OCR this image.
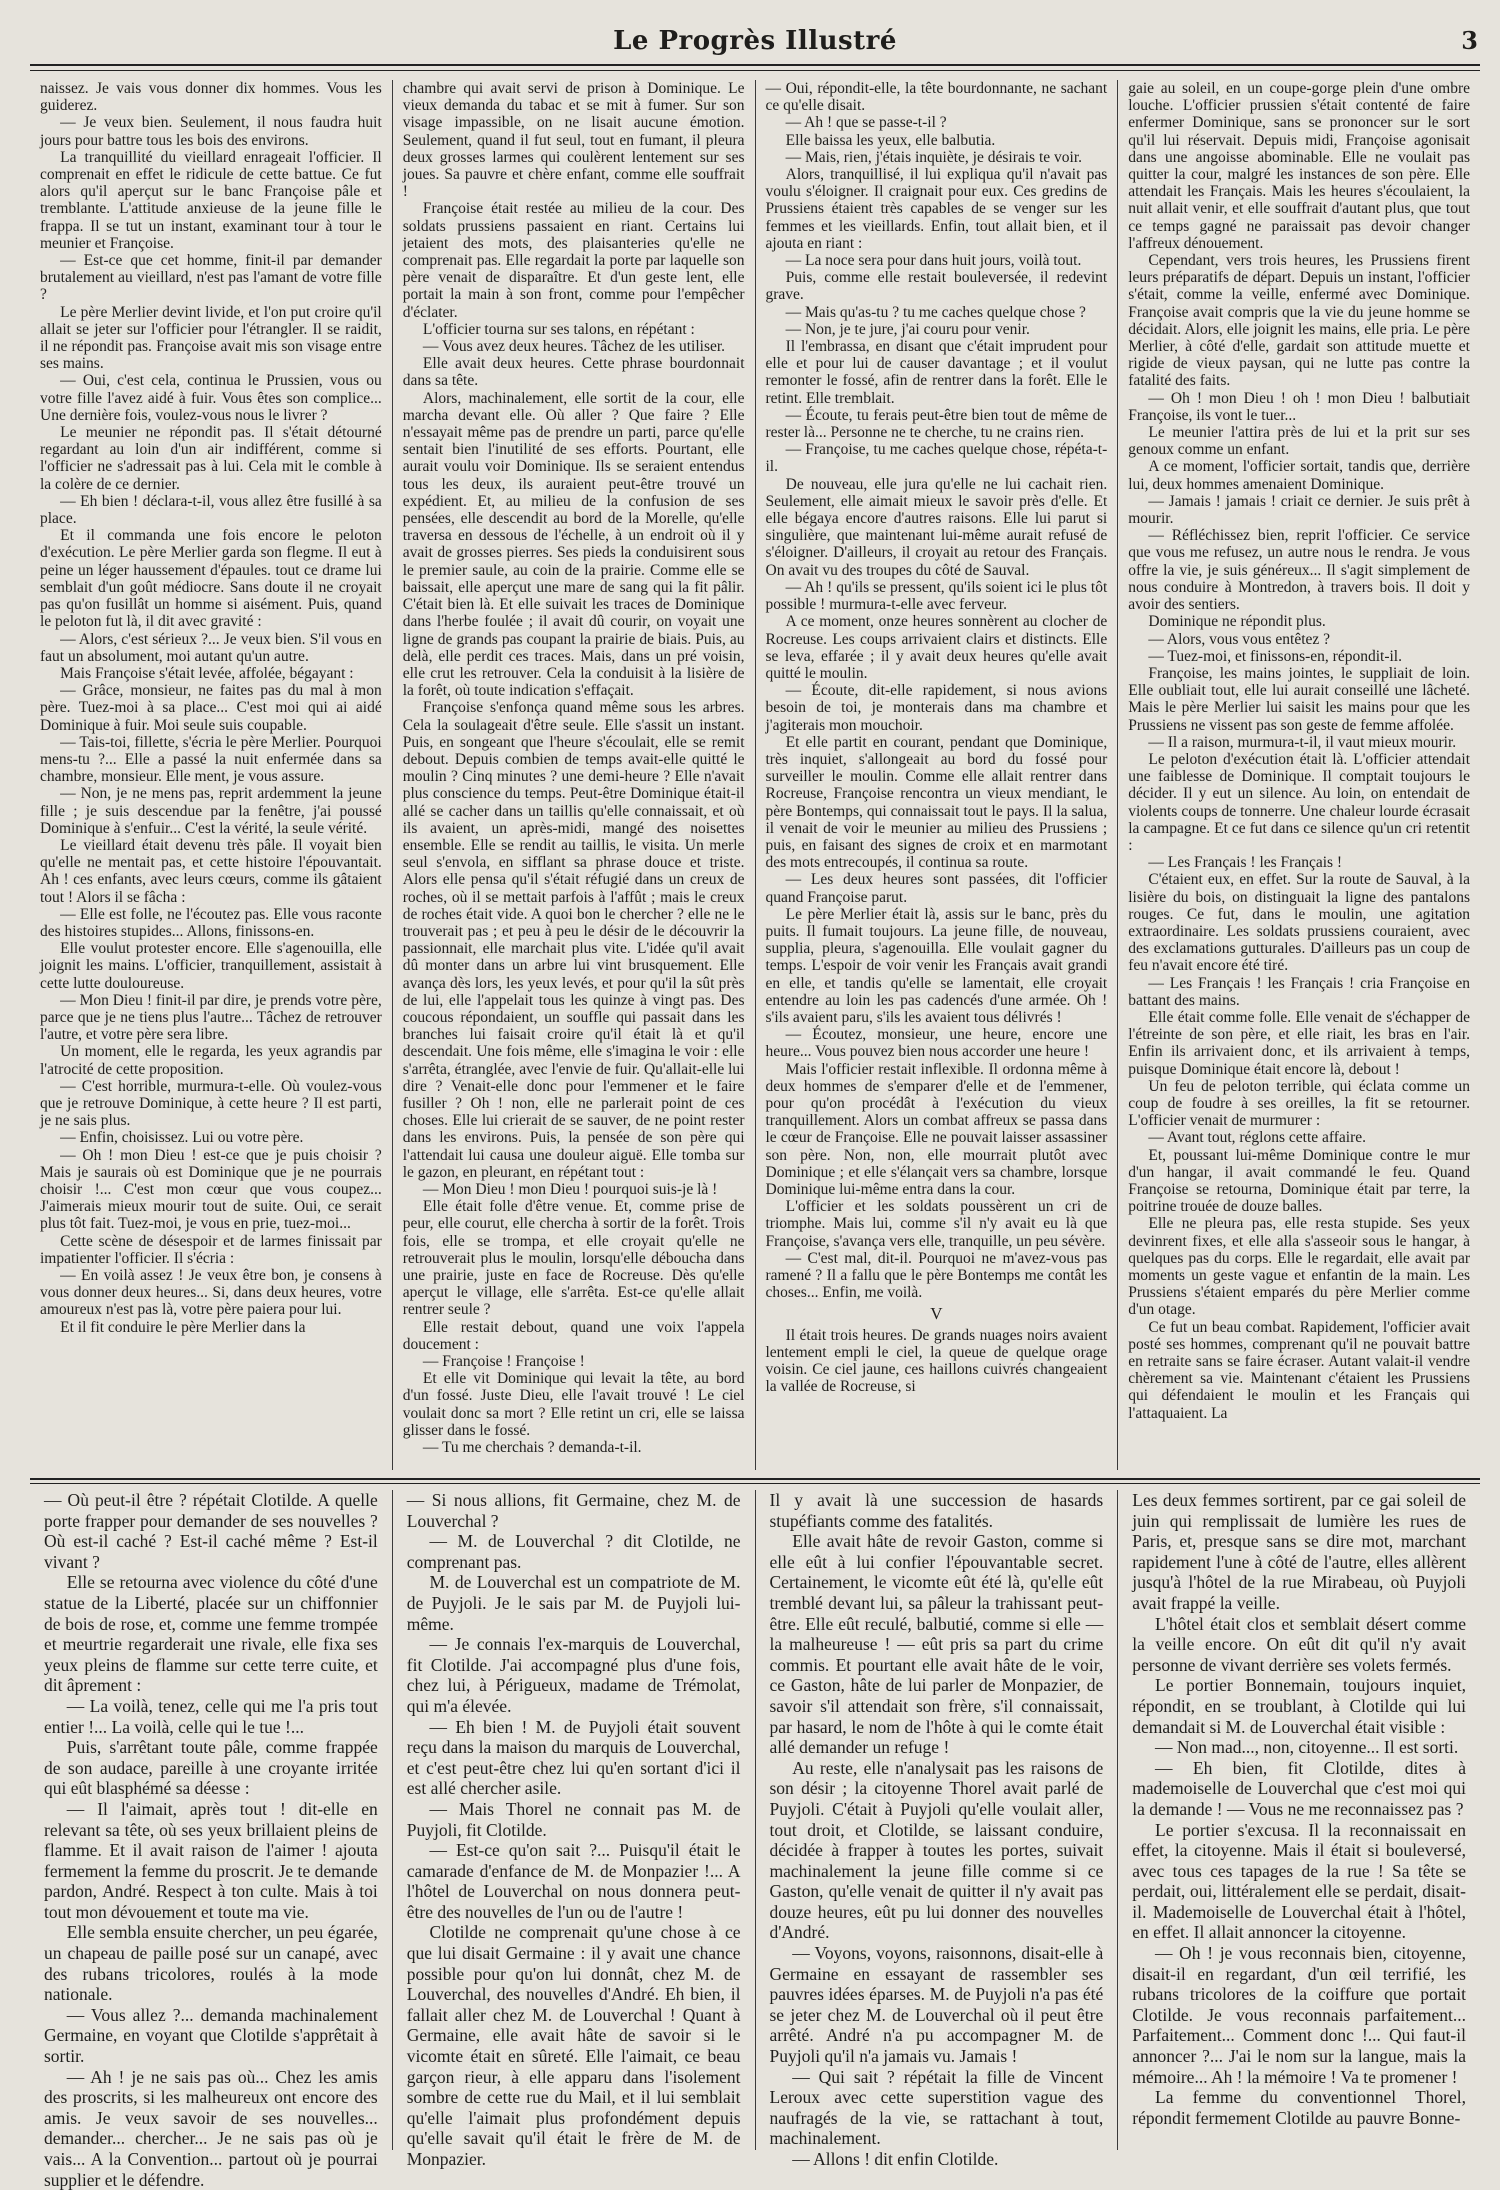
Le Progrès Illustré	3

naissez. Je vais vous donner dix hommes. Vous les guiderez.

— Je veux bien. Seulement, il nous faudra huit jours pour battre tous les bois des environs.

La tranquillité du vieillard enrageait l'officier. Il comprenait en effet le ridicule de cette battue. Ce fut alors qu'il aperçut sur le banc Françoise pâle et tremblante. L'attitude anxieuse de la jeune fille le frappa. Il se tut un instant, examinant tour à tour le meunier et Françoise.

— Est-ce que cet homme, finit-il par demander brutalement au vieillard, n'est pas l'amant de votre fille ?

Le père Merlier devint livide, et l'on put croire qu'il allait se jeter sur l'officier pour l'étrangler. Il se raidit, il ne répondit pas. Françoise avait mis son visage entre ses mains.

— Oui, c'est cela, continua le Prussien, vous ou votre fille l'avez aidé à fuir. Vous êtes son complice... Une dernière fois, voulez-vous nous le livrer ?

Le meunier ne répondit pas. Il s'était détourné regardant au loin d'un air indifférent, comme si l'officier ne s'adressait pas à lui. Cela mit le comble à la colère de ce dernier.

— Eh bien ! déclara-t-il, vous allez être fusillé à sa place.

Et il commanda une fois encore le peloton d'exécution. Le père Merlier garda son flegme. Il eut à peine un léger haussement d'épaules. tout ce drame lui semblait d'un goût médiocre. Sans doute il ne croyait pas qu'on fusillât un homme si aisément. Puis, quand le peloton fut là, il dit avec gravité :

— Alors, c'est sérieux ?... Je veux bien. S'il vous en faut un absolument, moi autant qu'un autre.

Mais Françoise s'était levée, affolée, bégayant :

— Grâce, monsieur, ne faites pas du mal à mon père. Tuez-moi à sa place... C'est moi qui ai aidé Dominique à fuir. Moi seule suis coupable.

— Tais-toi, fillette, s'écria le père Merlier. Pourquoi mens-tu ?... Elle a passé la nuit enfermée dans sa chambre, monsieur. Elle ment, je vous assure.

— Non, je ne mens pas, reprit ardemment la jeune fille ; je suis descendue par la fenêtre, j'ai poussé Dominique à s'enfuir... C'est la vérité, la seule vérité.

Le vieillard était devenu très pâle. Il voyait bien qu'elle ne mentait pas, et cette histoire l'épouvantait. Ah ! ces enfants, avec leurs cœurs, comme ils gâtaient tout ! Alors il se fâcha :

— Elle est folle, ne l'écoutez pas. Elle vous raconte des histoires stupides... Allons, finissons-en.

Elle voulut protester encore. Elle s'agenouilla, elle joignit les mains. L'officier, tranquillement, assistait à cette lutte douloureuse.

— Mon Dieu ! finit-il par dire, je prends votre père, parce que je ne tiens plus l'autre... Tâchez de retrouver l'autre, et votre père sera libre.

Un moment, elle le regarda, les yeux agrandis par l'atrocité de cette proposition.

— C'est horrible, murmura-t-elle. Où voulez-vous que je retrouve Dominique, à cette heure ? Il est parti, je ne sais plus.

— Enfin, choisissez. Lui ou votre père.

— Oh ! mon Dieu ! est-ce que je puis choisir ? Mais je saurais où est Dominique que je ne pourrais choisir !... C'est mon cœur que vous coupez... J'aimerais mieux mourir tout de suite. Oui, ce serait plus tôt fait. Tuez-moi, je vous en prie, tuez-moi...

Cette scène de désespoir et de larmes finissait par impatienter l'officier. Il s'écria :

— En voilà assez ! Je veux être bon, je consens à vous donner deux heures... Si, dans deux heures, votre amoureux n'est pas là, votre père paiera pour lui.

Et il fit conduire le père Merlier dans la

chambre qui avait servi de prison à Dominique. Le vieux demanda du tabac et se mit à fumer. Sur son visage impassible, on ne lisait aucune émotion. Seulement, quand il fut seul, tout en fumant, il pleura deux grosses larmes qui coulèrent lentement sur ses joues. Sa pauvre et chère enfant, comme elle souffrait !

Françoise était restée au milieu de la cour. Des soldats prussiens passaient en riant. Certains lui jetaient des mots, des plaisanteries qu'elle ne comprenait pas. Elle regardait la porte par laquelle son père venait de disparaître. Et d'un geste lent, elle portait la main à son front, comme pour l'empêcher d'éclater.

L'officier tourna sur ses talons, en répétant :

— Vous avez deux heures. Tâchez de les utiliser.

Elle avait deux heures. Cette phrase bourdonnait dans sa tête.

Alors, machinalement, elle sortit de la cour, elle marcha devant elle. Où aller ? Que faire ? Elle n'essayait même pas de prendre un parti, parce qu'elle sentait bien l'inutilité de ses efforts. Pourtant, elle aurait voulu voir Dominique. Ils se seraient entendus tous les deux, ils auraient peut-être trouvé un expédient. Et, au milieu de la confusion de ses pensées, elle descendit au bord de la Morelle, qu'elle traversa en dessous de l'échelle, à un endroit où il y avait de grosses pierres. Ses pieds la conduisirent sous le premier saule, au coin de la prairie. Comme elle se baissait, elle aperçut une mare de sang qui la fit pâlir. C'était bien là. Et elle suivait les traces de Dominique dans l'herbe foulée ; il avait dû courir, on voyait une ligne de grands pas coupant la prairie de biais. Puis, au delà, elle perdit ces traces. Mais, dans un pré voisin, elle crut les retrouver. Cela la conduisit à la lisière de la forêt, où toute indication s'effaçait.

Françoise s'enfonça quand même sous les arbres. Cela la soulageait d'être seule. Elle s'assit un instant. Puis, en songeant que l'heure s'écoulait, elle se remit debout. Depuis combien de temps avait-elle quitté le moulin ? Cinq minutes ? une demi-heure ? Elle n'avait plus conscience du temps. Peut-être Dominique était-il allé se cacher dans un taillis qu'elle connaissait, et où ils avaient, un après-midi, mangé des noisettes ensemble. Elle se rendit au taillis, le visita. Un merle seul s'envola, en sifflant sa phrase douce et triste. Alors elle pensa qu'il s'était réfugié dans un creux de roches, où il se mettait parfois à l'affût ; mais le creux de roches était vide. A quoi bon le chercher ? elle ne le trouverait pas ; et peu à peu le désir de le découvrir la passionnait, elle marchait plus vite. L'idée qu'il avait dû monter dans un arbre lui vint brusquement. Elle avança dès lors, les yeux levés, et pour qu'il la sût près de lui, elle l'appelait tous les quinze à vingt pas. Des coucous répondaient, un souffle qui passait dans les branches lui faisait croire qu'il était là et qu'il descendait. Une fois même, elle s'imagina le voir : elle s'arrêta, étranglée, avec l'envie de fuir. Qu'allait-elle lui dire ? Venait-elle donc pour l'emmener et le faire fusiller ? Oh ! non, elle ne parlerait point de ces choses. Elle lui crierait de se sauver, de ne point rester dans les environs. Puis, la pensée de son père qui l'attendait lui causa une douleur aiguë. Elle tomba sur le gazon, en pleurant, en répétant tout :

— Mon Dieu ! mon Dieu ! pourquoi suis-je là !

Elle était folle d'être venue. Et, comme prise de peur, elle courut, elle chercha à sortir de la forêt. Trois fois, elle se trompa, et elle croyait qu'elle ne retrouverait plus le moulin, lorsqu'elle déboucha dans une prairie, juste en face de Rocreuse. Dès qu'elle aperçut le village, elle s'arrêta. Est-ce qu'elle allait rentrer seule ?

Elle restait debout, quand une voix l'appela doucement :

— Françoise ! Françoise !

Et elle vit Dominique qui levait la tête, au bord d'un fossé. Juste Dieu, elle l'avait trouvé ! Le ciel voulait donc sa mort ? Elle retint un cri, elle se laissa glisser dans le fossé.

— Tu me cherchais ? demanda-t-il.

— Oui, répondit-elle, la tête bourdonnante, ne sachant ce qu'elle disait.

— Ah ! que se passe-t-il ?

Elle baissa les yeux, elle balbutia.

— Mais, rien, j'étais inquiète, je désirais te voir.

Alors, tranquillisé, il lui expliqua qu'il n'avait pas voulu s'éloigner. Il craignait pour eux. Ces gredins de Prussiens étaient très capables de se venger sur les femmes et les vieillards. Enfin, tout allait bien, et il ajouta en riant :

— La noce sera pour dans huit jours, voilà tout.

Puis, comme elle restait bouleversée, il redevint grave.

— Mais qu'as-tu ? tu me caches quelque chose ?

— Non, je te jure, j'ai couru pour venir.

Il l'embrassa, en disant que c'était imprudent pour elle et pour lui de causer davantage ; et il voulut remonter le fossé, afin de rentrer dans la forêt. Elle le retint. Elle tremblait.

— Écoute, tu ferais peut-être bien tout de même de rester là... Personne ne te cherche, tu ne crains rien.

— Françoise, tu me caches quelque chose, répéta-t-il.

De nouveau, elle jura qu'elle ne lui cachait rien. Seulement, elle aimait mieux le savoir près d'elle. Et elle bégaya encore d'autres raisons. Elle lui parut si singulière, que maintenant lui-même aurait refusé de s'éloigner. D'ailleurs, il croyait au retour des Français. On avait vu des troupes du côté de Sauval.

— Ah ! qu'ils se pressent, qu'ils soient ici le plus tôt possible ! murmura-t-elle avec ferveur.

A ce moment, onze heures sonnèrent au clocher de Rocreuse. Les coups arrivaient clairs et distincts. Elle se leva, effarée ; il y avait deux heures qu'elle avait quitté le moulin.

— Écoute, dit-elle rapidement, si nous avions besoin de toi, je monterais dans ma chambre et j'agiterais mon mouchoir.

Et elle partit en courant, pendant que Dominique, très inquiet, s'allongeait au bord du fossé pour surveiller le moulin. Comme elle allait rentrer dans Rocreuse, Françoise rencontra un vieux mendiant, le père Bontemps, qui connaissait tout le pays. Il la salua, il venait de voir le meunier au milieu des Prussiens ; puis, en faisant des signes de croix et en marmotant des mots entrecoupés, il continua sa route.

— Les deux heures sont passées, dit l'officier quand Françoise parut.

Le père Merlier était là, assis sur le banc, près du puits. Il fumait toujours. La jeune fille, de nouveau, supplia, pleura, s'agenouilla. Elle voulait gagner du temps. L'espoir de voir venir les Français avait grandi en elle, et tandis qu'elle se lamentait, elle croyait entendre au loin les pas cadencés d'une armée. Oh ! s'ils avaient paru, s'ils les avaient tous délivrés !

— Écoutez, monsieur, une heure, encore une heure... Vous pouvez bien nous accorder une heure !

Mais l'officier restait inflexible. Il ordonna même à deux hommes de s'emparer d'elle et de l'emmener, pour qu'on procédât à l'exécution du vieux tranquillement. Alors un combat affreux se passa dans le cœur de Françoise. Elle ne pouvait laisser assassiner son père. Non, non, elle mourrait plutôt avec Dominique ; et elle s'élançait vers sa chambre, lorsque Dominique lui-même entra dans la cour.

L'officier et les soldats poussèrent un cri de triomphe. Mais lui, comme s'il n'y avait eu là que Françoise, s'avança vers elle, tranquille, un peu sévère.

— C'est mal, dit-il. Pourquoi ne m'avez-vous pas ramené ? Il a fallu que le père Bontemps me contât les choses... Enfin, me voilà.

V

Il était trois heures. De grands nuages noirs avaient lentement empli le ciel, la queue de quelque orage voisin. Ce ciel jaune, ces haillons cuivrés changeaient la vallée de Rocreuse, si

gaie au soleil, en un coupe-gorge plein d'une ombre louche. L'officier prussien s'était contenté de faire enfermer Dominique, sans se prononcer sur le sort qu'il lui réservait. Depuis midi, Françoise agonisait dans une angoisse abominable. Elle ne voulait pas quitter la cour, malgré les instances de son père. Elle attendait les Français. Mais les heures s'écoulaient, la nuit allait venir, et elle souffrait d'autant plus, que tout ce temps gagné ne paraissait pas devoir changer l'affreux dénouement.

Cependant, vers trois heures, les Prussiens firent leurs préparatifs de départ. Depuis un instant, l'officier s'était, comme la veille, enfermé avec Dominique. Françoise avait compris que la vie du jeune homme se décidait. Alors, elle joignit les mains, elle pria. Le père Merlier, à côté d'elle, gardait son attitude muette et rigide de vieux paysan, qui ne lutte pas contre la fatalité des faits.

— Oh ! mon Dieu ! oh ! mon Dieu ! balbutiait Françoise, ils vont le tuer...

Le meunier l'attira près de lui et la prit sur ses genoux comme un enfant.

A ce moment, l'officier sortait, tandis que, derrière lui, deux hommes amenaient Dominique.

— Jamais ! jamais ! criait ce dernier. Je suis prêt à mourir.

— Réfléchissez bien, reprit l'officier. Ce service que vous me refusez, un autre nous le rendra. Je vous offre la vie, je suis généreux... Il s'agit simplement de nous conduire à Montredon, à travers bois. Il doit y avoir des sentiers.

Dominique ne répondit plus.

— Alors, vous vous entêtez ?

— Tuez-moi, et finissons-en, répondit-il.

Françoise, les mains jointes, le suppliait de loin. Elle oubliait tout, elle lui aurait conseillé une lâcheté. Mais le père Merlier lui saisit les mains pour que les Prussiens ne vissent pas son geste de femme affolée.

— Il a raison, murmura-t-il, il vaut mieux mourir.

Le peloton d'exécution était là. L'officier attendait une faiblesse de Dominique. Il comptait toujours le décider. Il y eut un silence. Au loin, on entendait de violents coups de tonnerre. Une chaleur lourde écrasait la campagne. Et ce fut dans ce silence qu'un cri retentit :

— Les Français ! les Français !

C'étaient eux, en effet. Sur la route de Sauval, à la lisière du bois, on distinguait la ligne des pantalons rouges. Ce fut, dans le moulin, une agitation extraordinaire. Les soldats prussiens couraient, avec des exclamations gutturales. D'ailleurs pas un coup de feu n'avait encore été tiré.

— Les Français ! les Français ! cria Françoise en battant des mains.

Elle était comme folle. Elle venait de s'échapper de l'étreinte de son père, et elle riait, les bras en l'air. Enfin ils arrivaient donc, et ils arrivaient à temps, puisque Dominique était encore là, debout !

Un feu de peloton terrible, qui éclata comme un coup de foudre à ses oreilles, la fit se retourner. L'officier venait de murmurer :

— Avant tout, réglons cette affaire.

Et, poussant lui-même Dominique contre le mur d'un hangar, il avait commandé le feu. Quand Françoise se retourna, Dominique était par terre, la poitrine trouée de douze balles.

Elle ne pleura pas, elle resta stupide. Ses yeux devinrent fixes, et elle alla s'asseoir sous le hangar, à quelques pas du corps. Elle le regardait, elle avait par moments un geste vague et enfantin de la main. Les Prussiens s'étaient emparés du père Merlier comme d'un otage.

Ce fut un beau combat. Rapidement, l'officier avait posté ses hommes, comprenant qu'il ne pouvait battre en retraite sans se faire écraser. Autant valait-il vendre chèrement sa vie. Maintenant c'étaient les Prussiens qui défendaient le moulin et les Français qui l'attaquaient. La

— Où peut-il être ? répétait Clotilde. A quelle porte frapper pour demander de ses nouvelles ? Où est-il caché ? Est-il caché même ? Est-il vivant ?

Elle se retourna avec violence du côté d'une statue de la Liberté, placée sur un chiffonnier de bois de rose, et, comme une femme trompée et meurtrie regarderait une rivale, elle fixa ses yeux pleins de flamme sur cette terre cuite, et dit âprement :

— La voilà, tenez, celle qui me l'a pris tout entier !... La voilà, celle qui le tue !...

Puis, s'arrêtant toute pâle, comme frappée de son audace, pareille à une croyante irritée qui eût blasphémé sa déesse :

— Il l'aimait, après tout ! dit-elle en relevant sa tête, où ses yeux brillaient pleins de flamme. Et il avait raison de l'aimer ! ajouta fermement la femme du proscrit. Je te demande pardon, André. Respect à ton culte. Mais à toi tout mon dévouement et toute ma vie.

Elle sembla ensuite chercher, un peu égarée, un chapeau de paille posé sur un canapé, avec des rubans tricolores, roulés à la mode nationale.

— Vous allez ?... demanda machinalement Germaine, en voyant que Clotilde s'apprêtait à sortir.

— Ah ! je ne sais pas où... Chez les amis des proscrits, si les malheureux ont encore des amis. Je veux savoir de ses nouvelles... demander... chercher... Je ne sais pas où je vais... A la Convention... partout où je pourrai supplier et le défendre.

— Si nous allions, fit Germaine, chez M. de Louverchal ?

— M. de Louverchal ? dit Clotilde, ne comprenant pas.

M. de Louverchal est un compatriote de M. de Puyjoli. Je le sais par M. de Puyjoli lui-même.

— Je connais l'ex-marquis de Louverchal, fit Clotilde. J'ai accompagné plus d'une fois, chez lui, à Périgueux, madame de Trémolat, qui m'a élevée.

— Eh bien ! M. de Puyjoli était souvent reçu dans la maison du marquis de Louverchal, et c'est peut-être chez lui qu'en sortant d'ici il est allé chercher asile.

— Mais Thorel ne connait pas M. de Puyjoli, fit Clotilde.

— Est-ce qu'on sait ?... Puisqu'il était le camarade d'enfance de M. de Monpazier !... A l'hôtel de Louverchal on nous donnera peut-être des nouvelles de l'un ou de l'autre !

Clotilde ne comprenait qu'une chose à ce que lui disait Germaine : il y avait une chance possible pour qu'on lui donnât, chez M. de Louverchal, des nouvelles d'André. Eh bien, il fallait aller chez M. de Louverchal ! Quant à Germaine, elle avait hâte de savoir si le vicomte était en sûreté. Elle l'aimait, ce beau garçon rieur, à elle apparu dans l'isolement sombre de cette rue du Mail, et il lui semblait qu'elle l'aimait plus profondément depuis qu'elle savait qu'il était le frère de M. de Monpazier.

Il y avait là une succession de hasards stupéfiants comme des fatalités.

Elle avait hâte de revoir Gaston, comme si elle eût à lui confier l'épouvantable secret. Certainement, le vicomte eût été là, qu'elle eût tremblé devant lui, sa pâleur la trahissant peut-être. Elle eût reculé, balbutié, comme si elle — la malheureuse ! — eût pris sa part du crime commis. Et pourtant elle avait hâte de le voir, ce Gaston, hâte de lui parler de Monpazier, de savoir s'il attendait son frère, s'il connaissait, par hasard, le nom de l'hôte à qui le comte était allé demander un refuge !

Au reste, elle n'analysait pas les raisons de son désir ; la citoyenne Thorel avait parlé de Puyjoli. C'était à Puyjoli qu'elle voulait aller, tout droit, et Clotilde, se laissant conduire, décidée à frapper à toutes les portes, suivait machinalement la jeune fille comme si ce Gaston, qu'elle venait de quitter il n'y avait pas douze heures, eût pu lui donner des nouvelles d'André.

— Voyons, voyons, raisonnons, disait-elle à Germaine en essayant de rassembler ses pauvres idées éparses. M. de Puyjoli n'a pas été se jeter chez M. de Louverchal où il peut être arrêté. André n'a pu accompagner M. de Puyjoli qu'il n'a jamais vu. Jamais !

— Qui sait ? répétait la fille de Vincent Leroux avec cette superstition vague des naufragés de la vie, se rattachant à tout, machinalement.

— Allons ! dit enfin Clotilde.

Les deux femmes sortirent, par ce gai soleil de juin qui remplissait de lumière les rues de Paris, et, presque sans se dire mot, marchant rapidement l'une à côté de l'autre, elles allèrent jusqu'à l'hôtel de la rue Mirabeau, où Puyjoli avait frappé la veille.

L'hôtel était clos et semblait désert comme la veille encore. On eût dit qu'il n'y avait personne de vivant derrière ses volets fermés.

Le portier Bonnemain, toujours inquiet, répondit, en se troublant, à Clotilde qui lui demandait si M. de Louverchal était visible :

— Non mad..., non, citoyenne... Il est sorti.

— Eh bien, fit Clotilde, dites à mademoiselle de Louverchal que c'est moi qui la demande ! — Vous ne me reconnaissez pas ?

Le portier s'excusa. Il la reconnaissait en effet, la citoyenne. Mais il était si bouleversé, avec tous ces tapages de la rue ! Sa tête se perdait, oui, littéralement elle se perdait, disait-il. Mademoiselle de Louverchal était à l'hôtel, en effet. Il allait annoncer la citoyenne.

— Oh ! je vous reconnais bien, citoyenne, disait-il en regardant, d'un œil terrifié, les rubans tricolores de la coiffure que portait Clotilde. Je vous reconnais parfaitement... Parfaitement... Comment donc !... Qui faut-il annoncer ?... J'ai le nom sur la langue, mais la mémoire... Ah ! la mémoire ! Va te promener !

La femme du conventionnel Thorel, répondit fermement Clotilde au pauvre Bonne-
